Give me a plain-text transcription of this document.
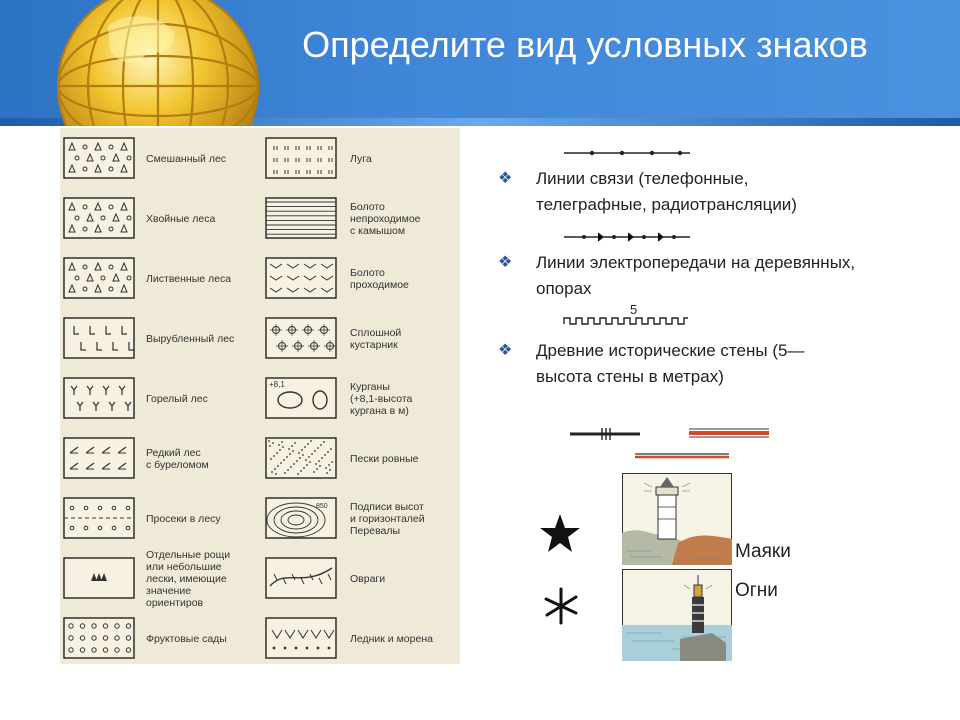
Определите вид условных знаков
Смешанный лес
Хвойные леса
Лиственные леса
Вырубленный лес
Горелый лес
Редкий лес с буреломом
Просеки в лесу
Отдельные рощи или небольшие лески, имеющие значение ориентиров
Фруктовые сады
Луга
Болото непроходимое с камышом
Болото проходимое
Сплошной кустарник
+8,1	Курганы (+8,1-высота кургана в м)
Пески ровные
850 Подписи высот и горизонталей Перевалы
Овраги
Ледник и морена
❖	Линии связи (телефонные, телеграфные, радиотрансляции)
❖	Линии электропередачи на деревянных, опорах
5
❖	Древние исторические стены (5— высота стены в метрах)
Маяки
Огни
